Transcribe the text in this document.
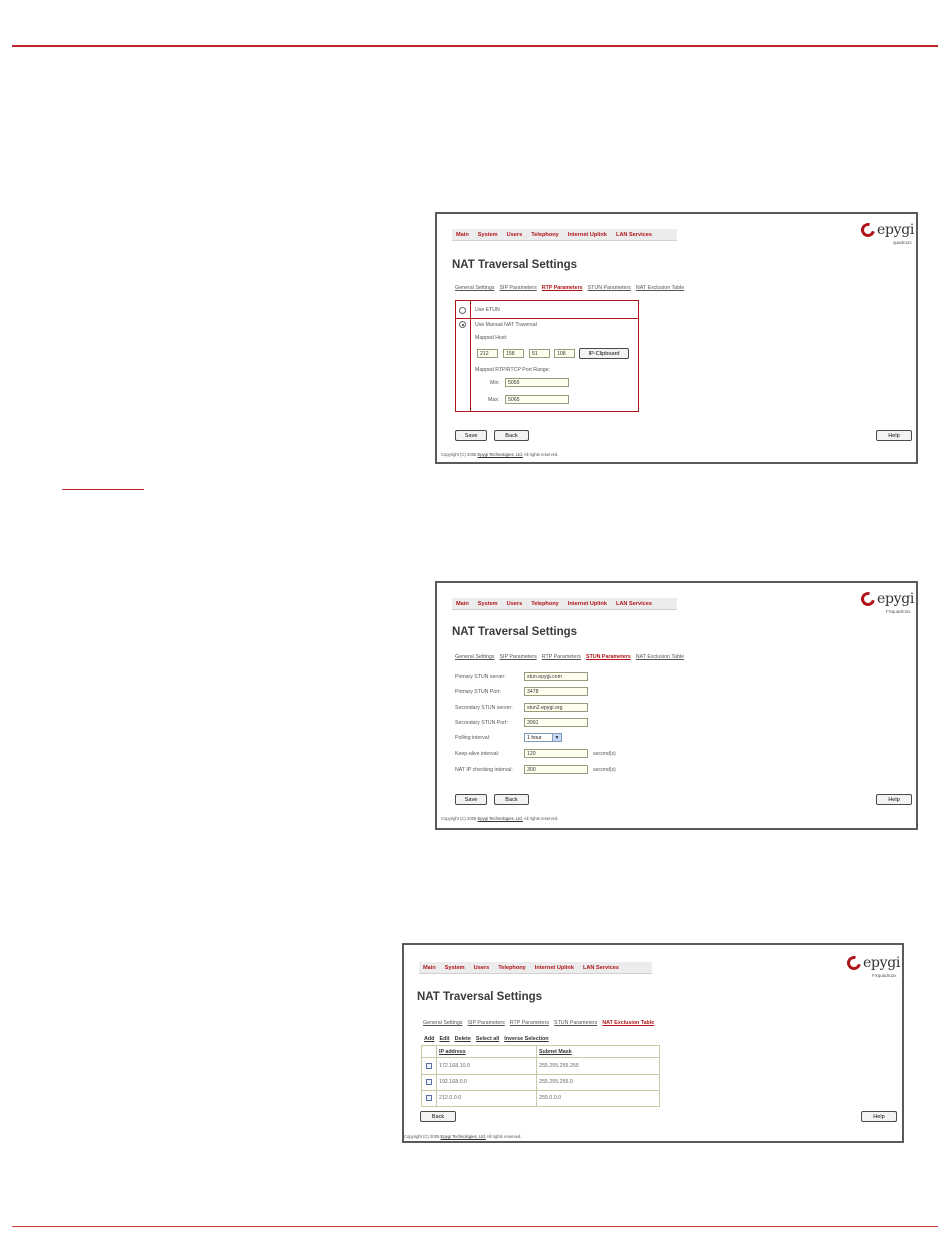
Main System Users Telephony Internet Uplink LAN Services	epygi
quadro2x
NAT Traversal Settings
General Settings SIP Parameters RTP Parameters STUN Parameters NAT Exclusion Table
Use ETUN
Use Manual NAT Traversal
Mapped Host:
212	158	51	108	IP-Clipboard
Mapped RTP/RTCP Port Range:
Min:	5055
Max:	5065
Save	Back	Help
Copyright (C) 2005 Epygi Technologies, Ltd. All rights reserved.
Main System Users Telephony Internet Uplink LAN Services	epygi
FXquadro2x
NAT Traversal Settings
General Settings SIP Parameters RTP Parameters STUN Parameters NAT Exclusion Table
Primary STUN server:	stun.epygi.com
Primary STUN Port:	3478
Secondary STUN server:	stun2.epygi.org
Secondary STUN Port:	3991
Polling interval:	1 hour	▼
Keep-alive interval:	120	second(s)
NAT IP checking interval:	300	second(s)
Save	Back	Help
Copyright (C) 2005 Epygi Technologies, Ltd. All rights reserved.
Main System Users Telephony Internet Uplink LAN Services	epygi
FXquadro2x
NAT Traversal Settings
General Settings SIP Parameters RTP Parameters STUN Parameters NAT Exclusion Table
Add Edit Delete Select all Inverse Selection
IP address	Subnet Mask
172.168.10.0	255.255.255.255
192.168.0.0	255.255.255.0
212.0.0.0	255.0.0.0
Back	Help
Copyright (C) 2005 Epygi Technologies, Ltd. All rights reserved.
